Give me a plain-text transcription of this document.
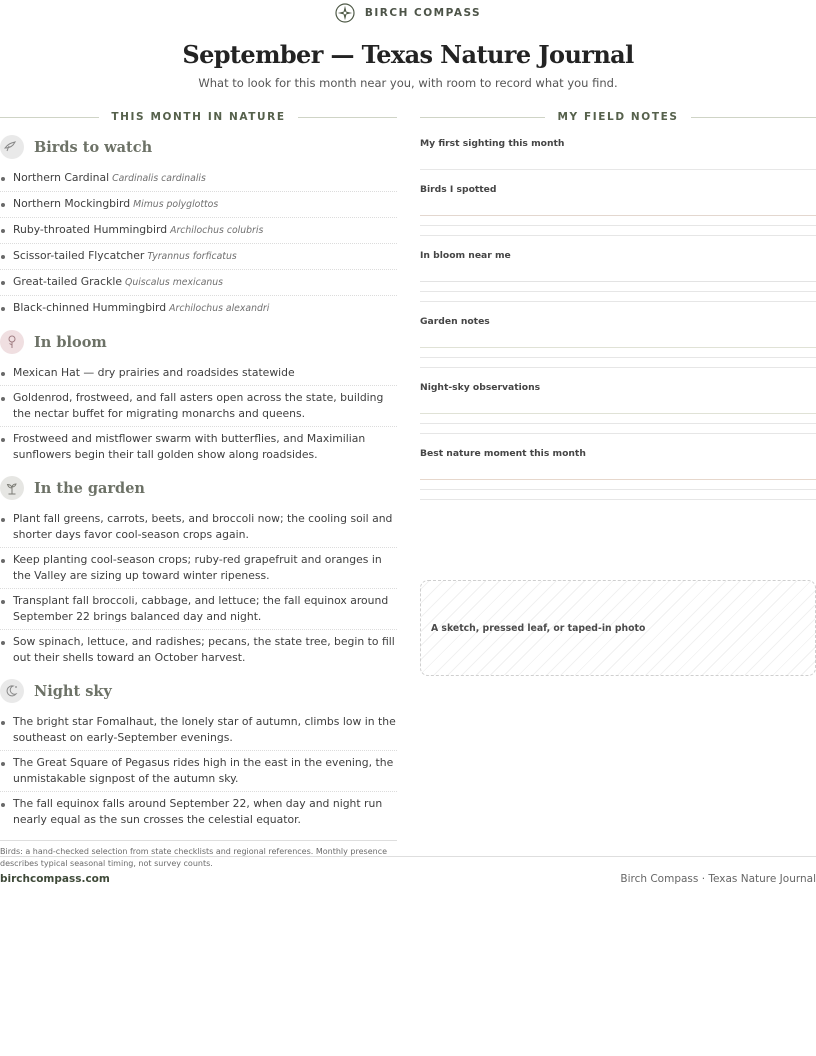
BIRCH COMPASS
September — Texas Nature Journal
What to look for this month near you, with room to record what you find.
THIS MONTH IN NATURE	MY FIELD NOTES
Birds to watch
Northern Cardinal Cardinalis cardinalis
Northern Mockingbird Mimus polyglottos
Ruby-throated Hummingbird Archilochus colubris
Scissor-tailed Flycatcher Tyrannus forficatus
Great-tailed Grackle Quiscalus mexicanus
Black-chinned Hummingbird Archilochus alexandri
In bloom
Mexican Hat — dry prairies and roadsides statewide
Goldenrod, frostweed, and fall asters open across the state, building the nectar buffet for migrating monarchs and queens.
Frostweed and mistflower swarm with butterflies, and Maximilian sunflowers begin their tall golden show along roadsides.
In the garden
Plant fall greens, carrots, beets, and broccoli now; the cooling soil and shorter days favor cool-season crops again.
Keep planting cool-season crops; ruby-red grapefruit and oranges in the Valley are sizing up toward winter ripeness.
Transplant fall broccoli, cabbage, and lettuce; the fall equinox around September 22 brings balanced day and night.
Sow spinach, lettuce, and radishes; pecans, the state tree, begin to fill out their shells toward an October harvest.
Night sky
The bright star Fomalhaut, the lonely star of autumn, climbs low in the southeast on early-September evenings.
The Great Square of Pegasus rides high in the east in the evening, the unmistakable signpost of the autumn sky.
The fall equinox falls around September 22, when day and night run nearly equal as the sun crosses the celestial equator.
Birds: a hand-checked selection from state checklists and regional references. Monthly presence describes typical seasonal timing, not survey counts.
My first sighting this month
Birds I spotted
In bloom near me
Garden notes
Night-sky observations
Best nature moment this month
A sketch, pressed leaf, or taped-in photo
birchcompass.com	Birch Compass · Texas Nature Journal
